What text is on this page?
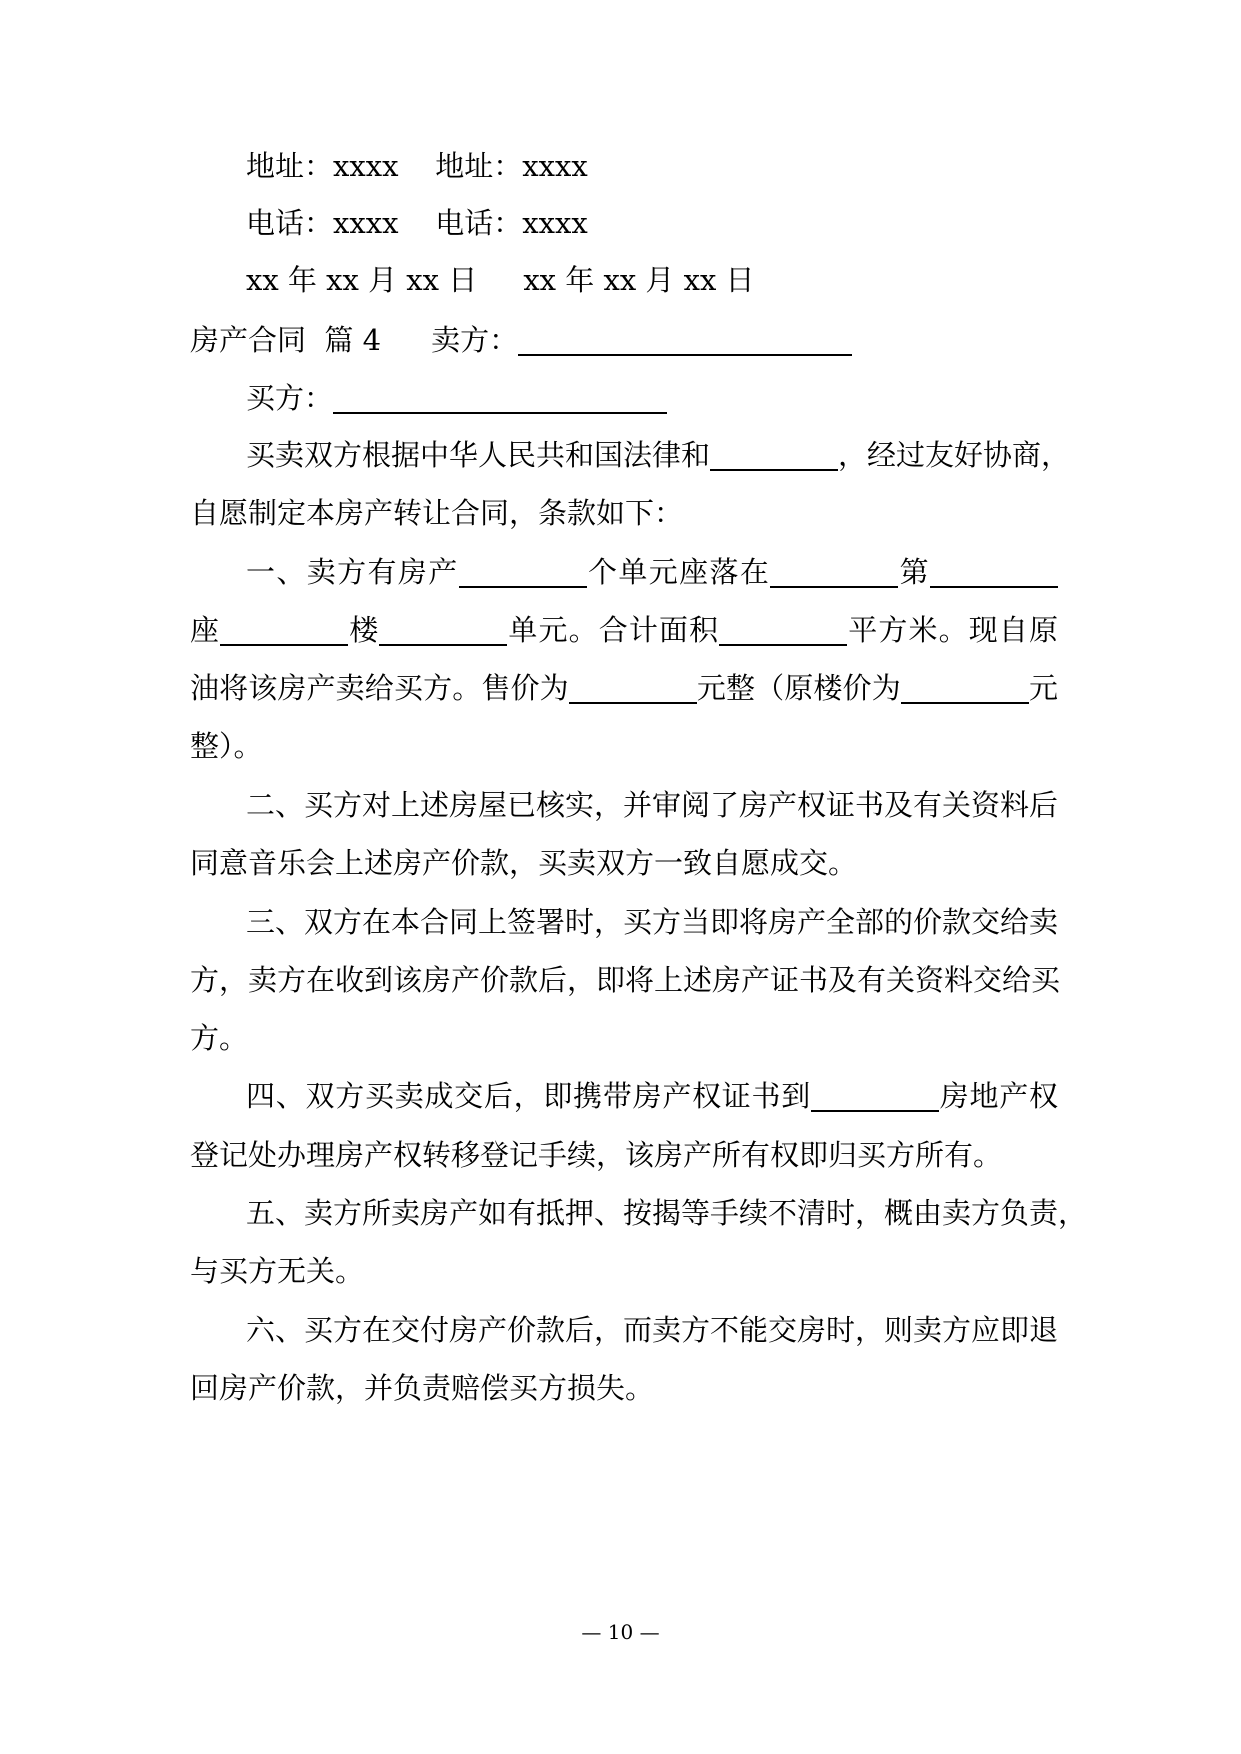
地址：xxxx    地址：xxxx
电话：xxxx    电话：xxxx
xx 年 xx 月 xx 日     xx 年 xx 月 xx 日
房产合同  篇 4 卖方：
买方：
买卖双方根据中华人民共和国法律和	，经过友好协商，
自愿制定本房产转让合同，条款如下：
一、卖方有房产	个单元座落在	第
座	楼	单元。合计面积	平方米。现自原
油将该房产卖给买方。售价为	元整（原楼价为	元
整）。
二、买方对上述房屋已核实，并审阅了房产权证书及有关资料后
同意音乐会上述房产价款，买卖双方一致自愿成交。
三、双方在本合同上签署时，买方当即将房产全部的价款交给卖
方，卖方在收到该房产价款后，即将上述房产证书及有关资料交给买
方。
四、双方买卖成交后，即携带房产权证书到	房地产权
登记处办理房产权转移登记手续，该房产所有权即归买方所有。
五、卖方所卖房产如有抵押、按揭等手续不清时，概由卖方负责，
与买方无关。
六、买方在交付房产价款后，而卖方不能交房时，则卖方应即退
回房产价款，并负责赔偿买方损失。
— 10 —
